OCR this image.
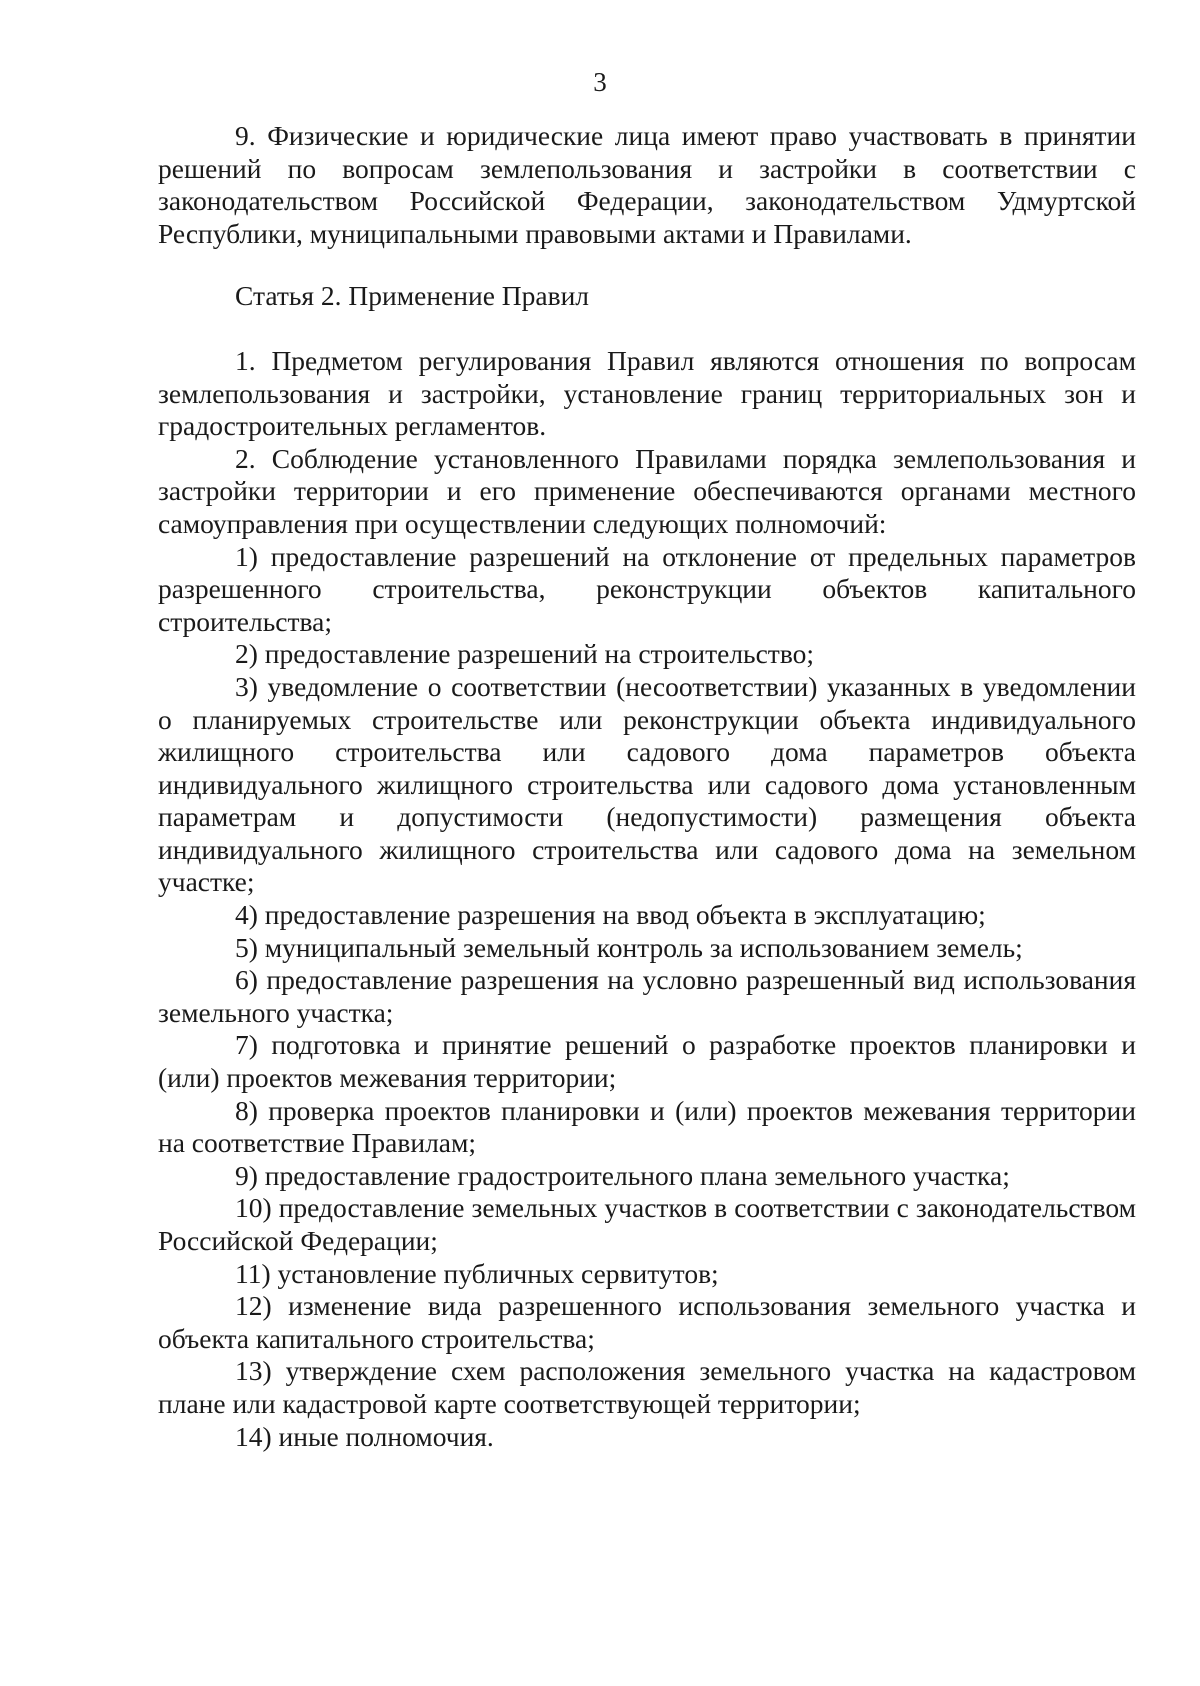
3

9. Физические и юридические лица имеют право участвовать в принятии решений по вопросам землепользования и застройки в соответствии с законодательством Российской Федерации, законодательством Удмуртской Республики, муниципальными правовыми актами и Правилами.

Статья 2. Применение Правил

1. Предметом регулирования Правил являются отношения по вопросам землепользования и застройки, установление границ территориальных зон и градостроительных регламентов.

2. Соблюдение установленного Правилами порядка землепользования и застройки территории и его применение обеспечиваются органами местного самоуправления при осуществлении следующих полномочий:

1) предоставление разрешений на отклонение от предельных параметров разрешенного строительства, реконструкции объектов капитального строительства;

2) предоставление разрешений на строительство;

3) уведомление о соответствии (несоответствии) указанных в уведомлении о планируемых строительстве или реконструкции объекта индивидуального жилищного строительства или садового дома параметров объекта индивидуального жилищного строительства или садового дома установленным параметрам и допустимости (недопустимости) размещения объекта индивидуального жилищного строительства или садового дома на земельном участке;

4) предоставление разрешения на ввод объекта в эксплуатацию;

5) муниципальный земельный контроль за использованием земель;

6) предоставление разрешения на условно разрешенный вид использования земельного участка;

7) подготовка и принятие решений о разработке проектов планировки и (или) проектов межевания территории;

8) проверка проектов планировки и (или) проектов межевания территории на соответствие Правилам;

9) предоставление градостроительного плана земельного участка;

10) предоставление земельных участков в соответствии с законодательством Российской Федерации;

11) установление публичных сервитутов;

12) изменение вида разрешенного использования земельного участка и объекта капитального строительства;

13) утверждение схем расположения земельного участка на кадастровом плане или кадастровой карте соответствующей территории;

14) иные полномочия.
